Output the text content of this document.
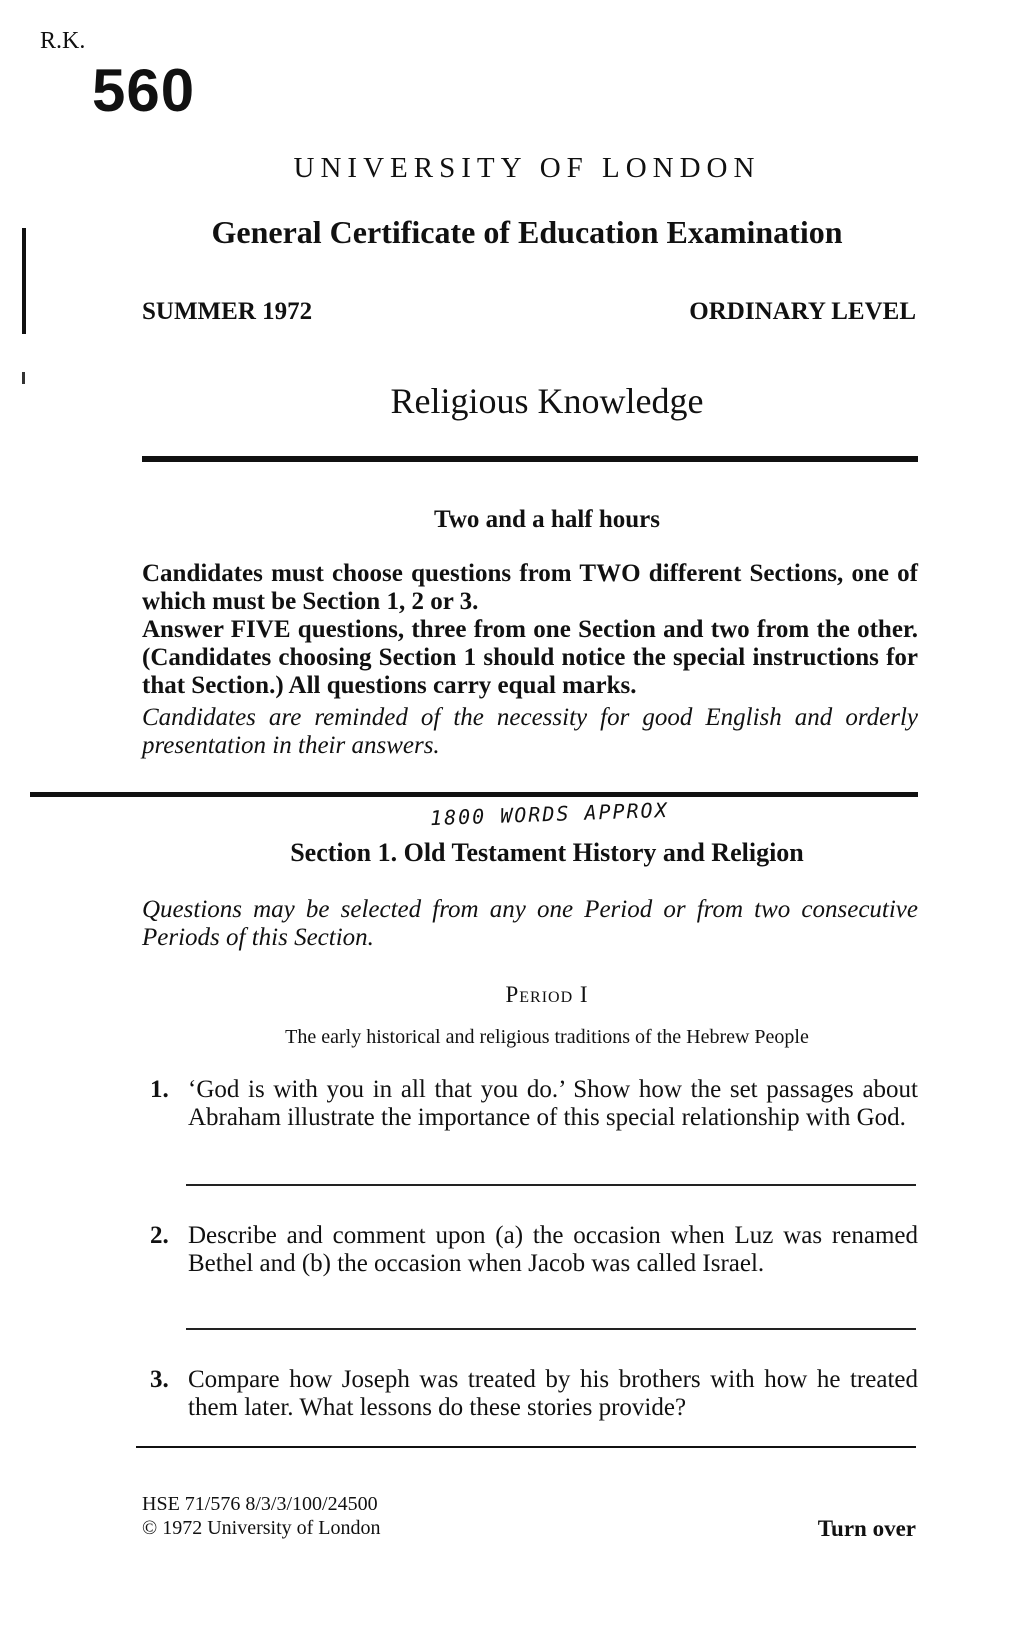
R.K.
560
UNIVERSITY OF LONDON
General Certificate of Education Examination
SUMMER 1972	ORDINARY LEVEL
Religious Knowledge
Two and a half hours

Candidates must choose questions from TWO different Sections, one of which must be Section 1, 2 or 3.

Answer FIVE questions, three from one Section and two from the other. (Candidates choosing Section 1 should notice the special instructions for that Section.) All questions carry equal marks.

Candidates are reminded of the necessity for good English and orderly presentation in their answers.

1800 WORDS APPROX
Section 1. Old Testament History and Religion
Questions may be selected from any one Period or from two consecutive Periods of this Section.
Period I
The early historical and religious traditions of the Hebrew People
1. ‘God is with you in all that you do.’ Show how the set passages about Abraham illustrate the importance of this special relationship with God.
2. Describe and comment upon (a) the occasion when Luz was renamed Bethel and (b) the occasion when Jacob was called Israel.
3. Compare how Joseph was treated by his brothers with how he treated them later. What lessons do these stories provide?
HSE 71/576 8/3/3/100/24500
© 1972 University of London	Turn over
